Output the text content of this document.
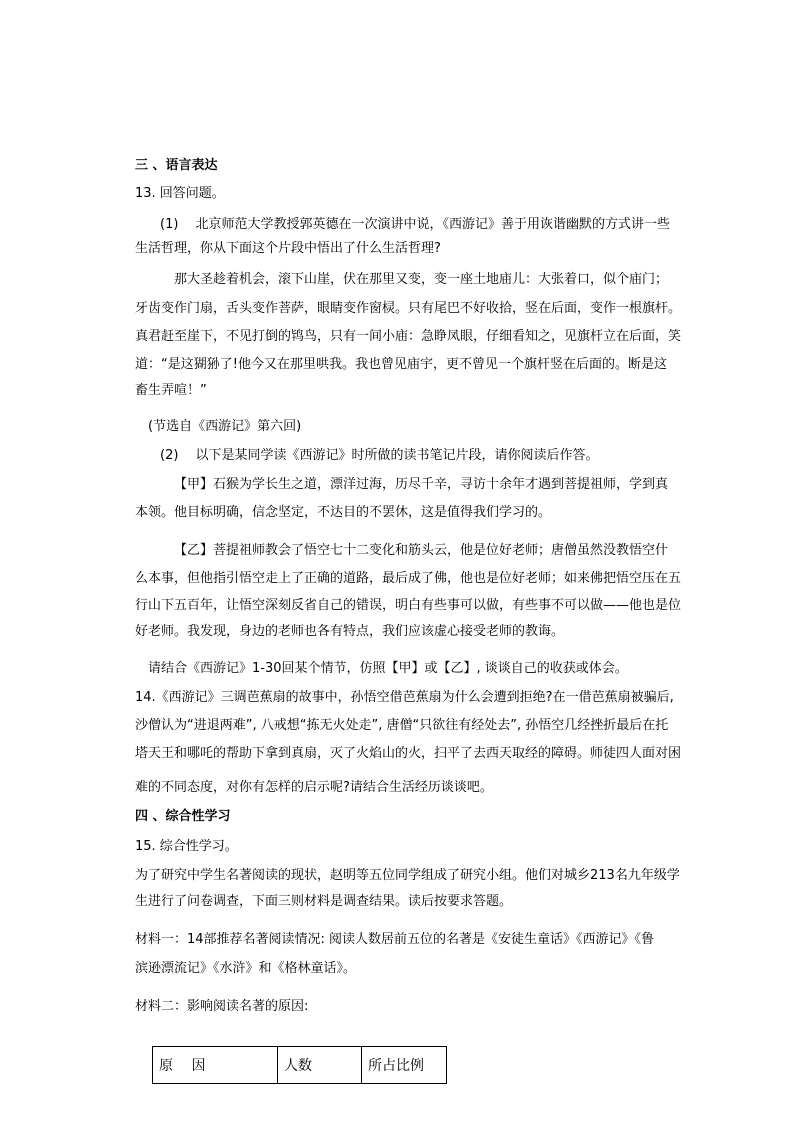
三 、语言表达
13. 回答问题。
(1)　 北京师范大学教授郭英德在一次演讲中说，《西游记》善于用诙谐幽默的方式讲一些
生活哲理，你从下面这个片段中悟出了什么生活哲理?
那大圣趁着机会，滚下山崖，伏在那里又变，变一座土地庙儿：大张着口，似个庙门；
牙齿变作门扇，舌头变作菩萨，眼睛变作窗棂。只有尾巴不好收拾，竖在后面，变作一根旗杆。
真君赶至崖下，不见打倒的鸨鸟，只有一间小庙：急睁凤眼，仔细看知之，见旗杆立在后面，笑
道：“是这猢狲了!他今又在那里哄我。我也曾见庙宇，更不曾见一个旗杆竖在后面的。断是这
畜生弄喧！”
(节选自《西游记》第六回)
(2)　 以下是某同学读《西游记》时所做的读书笔记片段，请你阅读后作答。
【甲】石猴为学长生之道，漂洋过海，历尽千辛，寻访十余年才遇到菩提祖师，学到真
本领。他目标明确，信念坚定，不达目的不罢休，这是值得我们学习的。
【乙】菩提祖师教会了悟空七十二变化和筋头云，他是位好老师；唐僧虽然没教悟空什
么本事，但他指引悟空走上了正确的道路，最后成了佛，他也是位好老师；如来佛把悟空压在五
行山下五百年，让悟空深刻反省自己的错误，明白有些事可以做，有些事不可以做——他也是位
好老师。我发现，身边的老师也各有特点，我们应该虚心接受老师的教诲。
请结合《西游记》1-30回某个情节，仿照【甲】或【乙】, 谈谈自己的收获或体会。
14.《西游记》三调芭蕉扇的故事中，孙悟空借芭蕉扇为什么会遭到拒绝?在一借芭蕉扇被骗后,
沙僧认为“进退两难”, 八戒想“拣无火处走”, 唐僧“只欲往有经处去”, 孙悟空几经挫折最后在托
塔天王和哪吒的帮助下拿到真扇，灭了火焰山的火，扫平了去西天取经的障碍。师徒四人面对困
难的不同态度，对你有怎样的启示呢?请结合生活经历谈谈吧。
四 、综合性学习
15. 综合性学习。
为了研究中学生名著阅读的现状，赵明等五位同学组成了研究小组。他们对城乡213名九年级学
生进行了问卷调查，下面三则材料是调查结果。读后按要求答题。
材料一：14部推荐名著阅读情况: 阅读人数居前五位的名著是《安徒生童话》《西游记》《鲁
滨逊漂流记》《水浒》和《格林童话》。
材料二：影响阅读名著的原因:
原　 因	人数	所占比例
